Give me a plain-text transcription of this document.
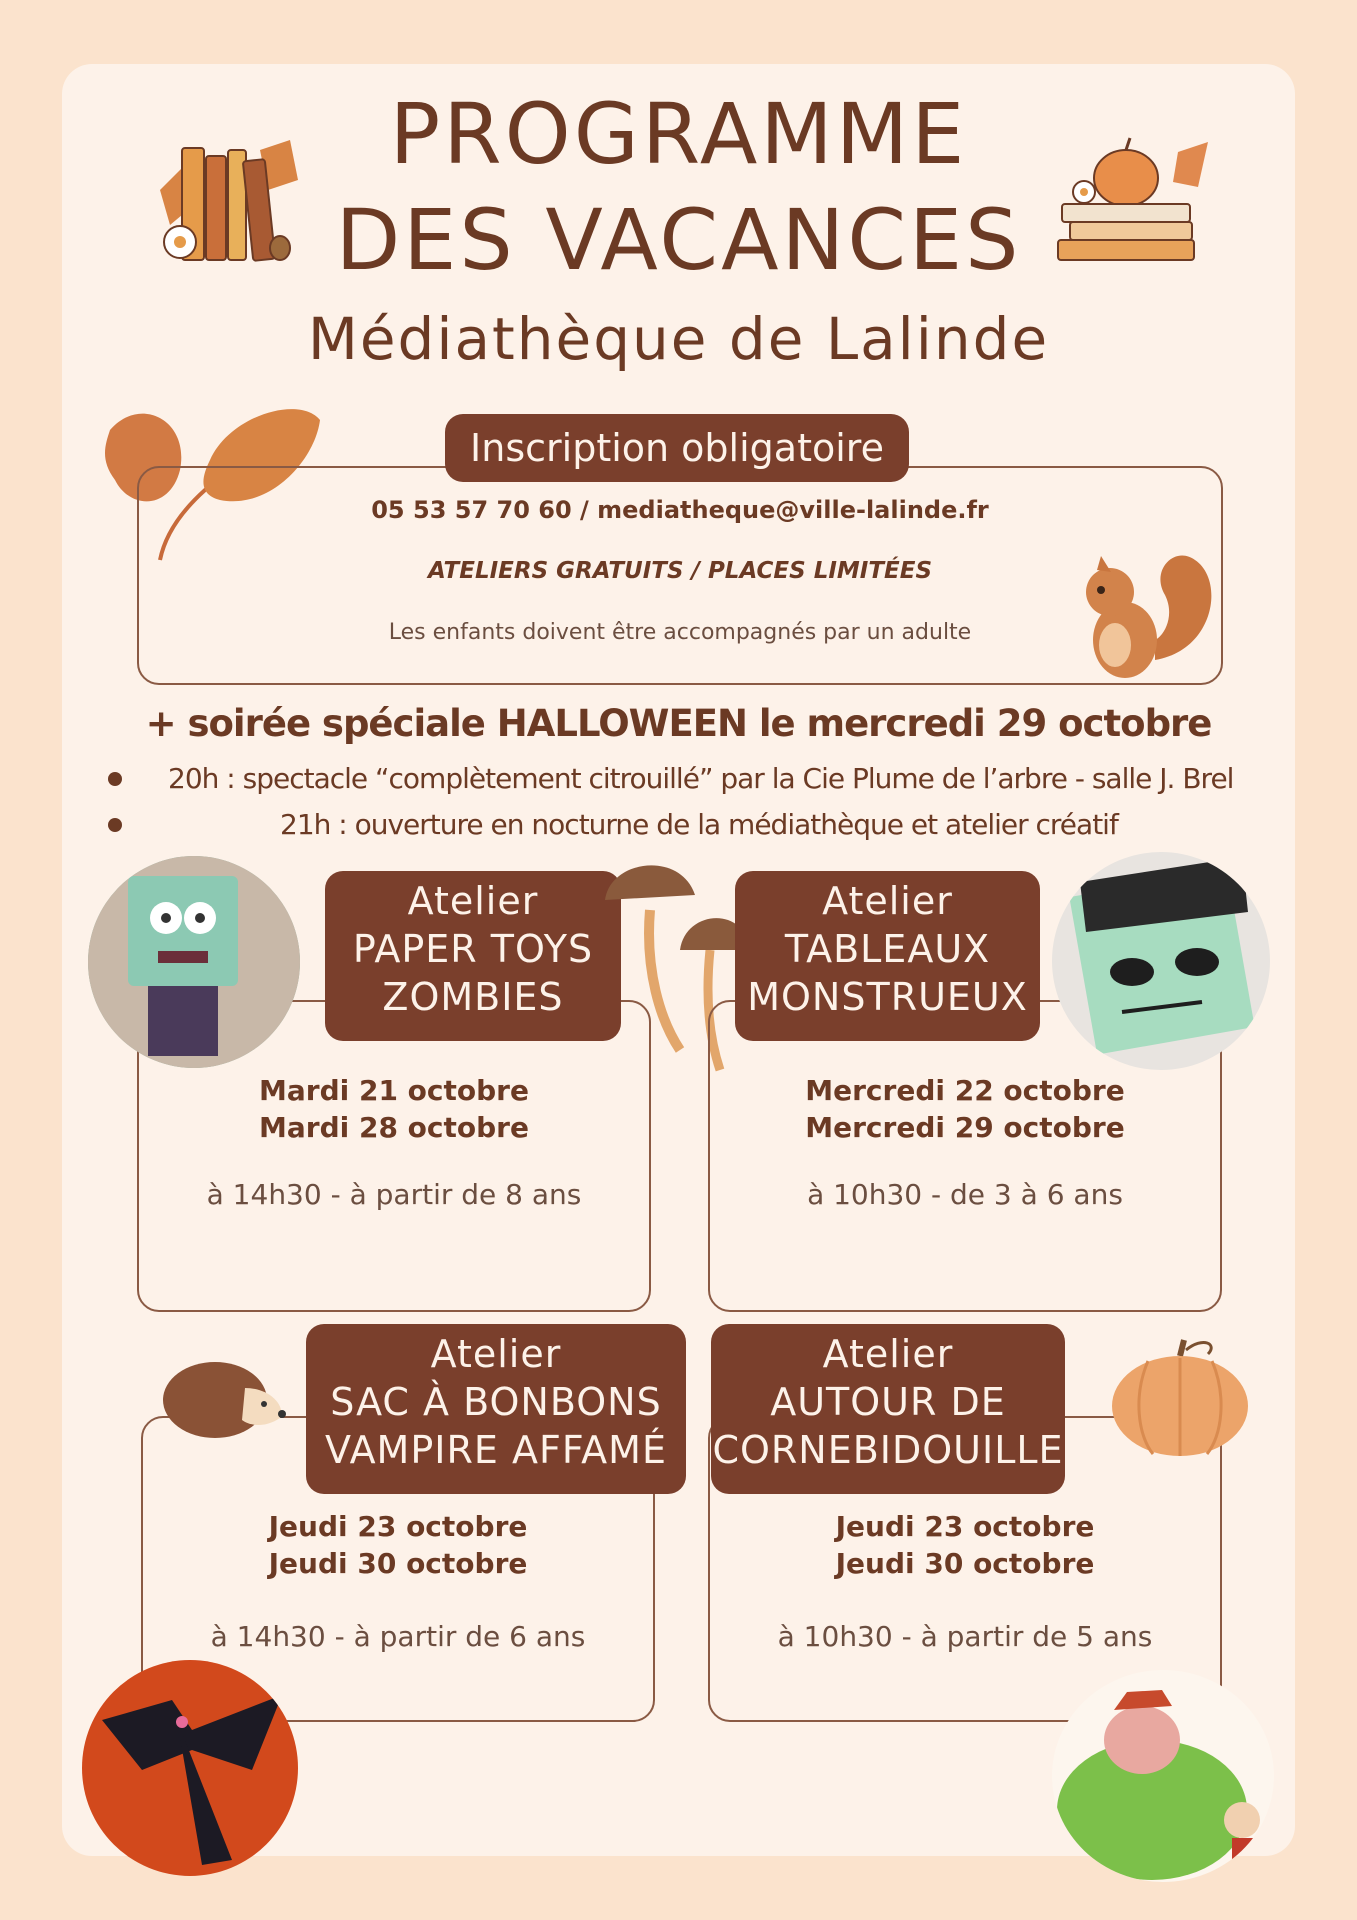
PROGRAMME
DES VACANCES
Médiathèque de Lalinde
Inscription obligatoire
05 53 57 70 60 / mediatheque@ville-lalinde.fr
ATELIERS GRATUITS / PLACES LIMITÉES
Les enfants doivent être accompagnés par un adulte
+ soirée spéciale HALLOWEEN le mercredi 29 octobre
20h : spectacle “complètement citrouillé” par la Cie Plume de l’arbre - salle J. Brel
21h : ouverture en nocturne de la médiathèque et atelier créatif
Atelier
PAPER TOYS
ZOMBIES
Mardi 21 octobre
Mardi 28 octobre
à 14h30 - à partir de 8 ans
Atelier
TABLEAUX
MONSTRUEUX
Mercredi 22 octobre
Mercredi 29 octobre
à 10h30 - de 3 à 6 ans
Atelier
SAC À BONBONS
VAMPIRE AFFAMÉ
Jeudi 23 octobre
Jeudi 30 octobre
à 14h30 - à partir de 6 ans
Atelier
AUTOUR DE
CORNEBIDOUILLE
Jeudi 23 octobre
Jeudi 30 octobre
à 10h30 - à partir de 5 ans
